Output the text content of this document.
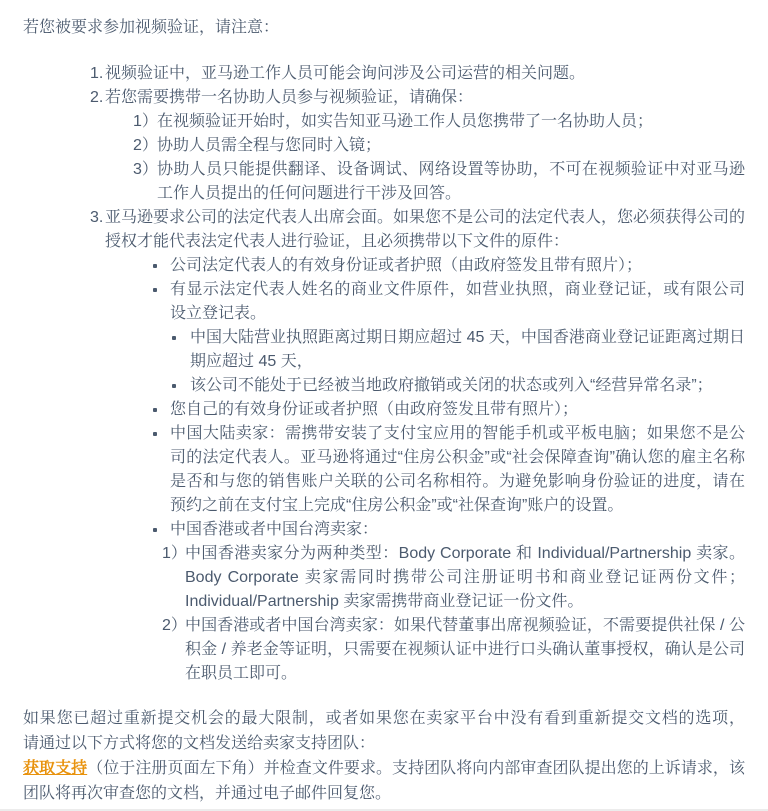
若您被要求参加视频验证，请注意：

1. 视频验证中，亚马逊工作人员可能会询问涉及公司运营的相关问题。
2. 若您需要携带一名协助人员参与视频验证，请确保：
1） 在视频验证开始时，如实告知亚马逊工作人员您携带了一名协助人员；
2） 协助人员需全程与您同时入镜；
3） 协助人员只能提供翻译、设备调试、网络设置等协助，不可在视频验证中对亚马逊工作人员提出的任何问题进行干涉及回答。
3. 亚马逊要求公司的法定代表人出席会面。如果您不是公司的法定代表人，您必须获得公司的授权才能代表法定代表人进行验证，且必须携带以下文件的原件：
公司法定代表人的有效身份证或者护照（由政府签发且带有照片）；
有显示法定代表人姓名的商业文件原件，如营业执照，商业登记证，或有限公司设立登记表。
中国大陆营业执照距离过期日期应超过 45 天，中国香港商业登记证距离过期日期应超过 45 天，
该公司不能处于已经被当地政府撤销或关闭的状态或列入“经营异常名录”；
您自己的有效身份证或者护照（由政府签发且带有照片）；
中国大陆卖家：需携带安装了支付宝应用的智能手机或平板电脑；如果您不是公司的法定代表人。亚马逊将通过“住房公积金”或“社会保障查询”确认您的雇主名称是否和与您的销售账户关联的公司名称相符。为避免影响身份验证的进度，请在预约之前在支付宝上完成“住房公积金”或“社保查询”账户的设置。
中国香港或者中国台湾卖家：
1）
中国香港卖家分为两种类型：Body Corporate 和 Individual/Partnership 卖家。Body Corporate 卖家需同时携带公司注册证明书和商业登记证两份文件；Individual/Partnership 卖家需携带商业登记证一份文件。
2）
中国香港或者中国台湾卖家：如果代替董事出席视频验证，不需要提供社保 / 公积金 / 养老金等证明，只需要在视频认证中进行口头确认董事授权，确认是公司在职员工即可。
如果您已超过重新提交机会的最大限制，或者如果您在卖家平台中没有看到重新提交文档的选项，
请通过以下方式将您的文档发送给卖家支持团队：
获取支持（位于注册页面左下角）并检查文件要求。支持团队将向内部审查团队提出您的上诉请求，该团队将再次审查您的文档，并通过电子邮件回复您。
